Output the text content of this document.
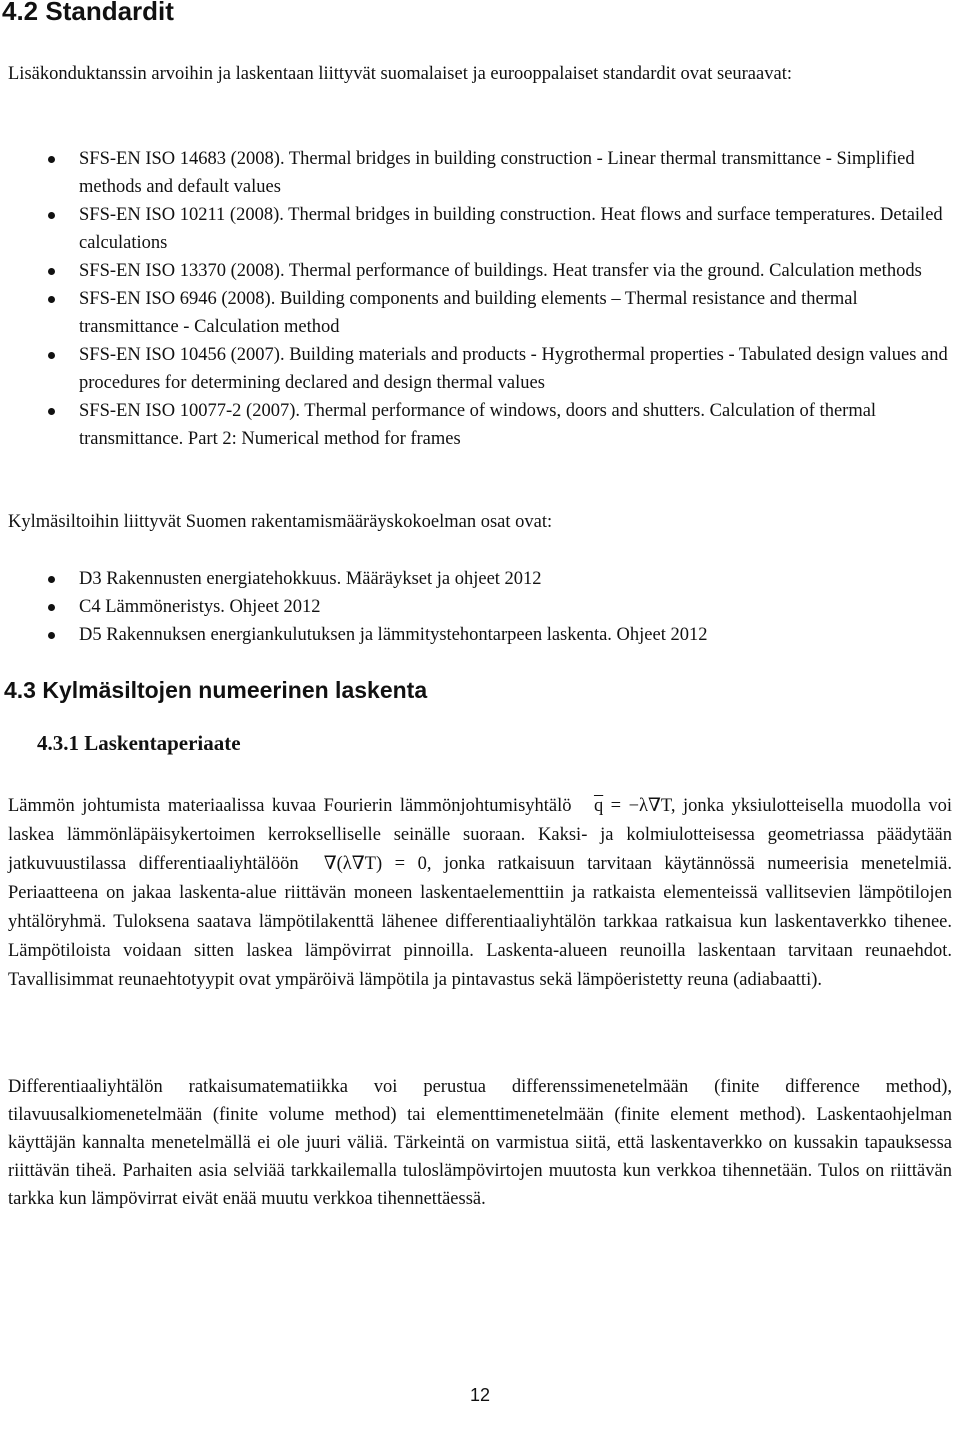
4.2 Standardit

Lisäkonduktanssin arvoihin ja laskentaan liittyvät suomalaiset ja eurooppalaiset standardit ovat seuraavat:

SFS-EN ISO 14683 (2008). Thermal bridges in building construction - Linear thermal transmittance - Simplified methods and default values
SFS-EN ISO 10211 (2008). Thermal bridges in building construction. Heat flows and surface temperatures. Detailed calculations
SFS-EN ISO 13370 (2008). Thermal performance of buildings. Heat transfer via the ground. Calculation methods
SFS-EN ISO 6946 (2008). Building components and building elements – Thermal resistance and thermal transmittance - Calculation method
SFS-EN ISO 10456 (2007). Building materials and products - Hygrothermal properties - Tabulated design values and procedures for determining declared and design thermal values
SFS-EN ISO 10077-2 (2007). Thermal performance of windows, doors and shutters. Calculation of thermal transmittance. Part 2: Numerical method for frames

Kylmäsiltoihin liittyvät Suomen rakentamismääräyskokoelman osat ovat:

D3 Rakennusten energiatehokkuus. Määräykset ja ohjeet 2012
C4 Lämmöneristys. Ohjeet 2012
D5 Rakennuksen energiankulutuksen ja lämmitystehontarpeen laskenta. Ohjeet 2012
4.3 Kylmäsiltojen numeerinen laskenta
4.3.1 Laskentaperiaate

Lämmön johtumista materiaalissa kuvaa Fourierin lämmönjohtumisyhtälö $\overline{q} = -\lambda\nabla T$, jonka yksiulotteisella muodolla voi laskea lämmönläpäisykertoimen kerrokselliselle seinälle suoraan. Kaksi- ja kolmiulotteisessa geometriassa päädytään jatkuvuustilassa differentiaaliyhtälöön ∇(λ∇T) = 0, jonka ratkaisuun tarvitaan käytännössä numeerisia menetelmiä. Periaatteena on jakaa laskenta-alue riittävän moneen laskentaelementtiin ja ratkaista elementeissä vallitsevien lämpötilojen yhtälöryhmä. Tuloksena saatava lämpötilakenttä lähenee differentiaaliyhtälön tarkkaa ratkaisua kun laskentaverkko tihenee. Lämpötiloista voidaan sitten laskea lämpövirrat pinnoilla. Laskenta-alueen reunoilla laskentaan tarvitaan reunaehdot. Tavallisimmat reunaehtotyypit ovat ympäröivä lämpötila ja pintavastus sekä lämpöeristetty reuna (adiabaatti).

Differentiaaliyhtälön ratkaisumatematiikka voi perustua differenssimenetelmään (finite difference method), tilavuusalkiomenetelmään (finite volume method) tai elementtimenetelmään (finite element method). Laskentaohjelman käyttäjän kannalta menetelmällä ei ole juuri väliä. Tärkeintä on varmistua siitä, että laskentaverkko on kussakin tapauksessa riittävän tiheä. Parhaiten asia selviää tarkkailemalla tuloslämpövirtojen muutosta kun verkkoa tihennetään. Tulos on riittävän tarkka kun lämpövirrat eivät enää muutu verkkoa tihennettäessä.

12
